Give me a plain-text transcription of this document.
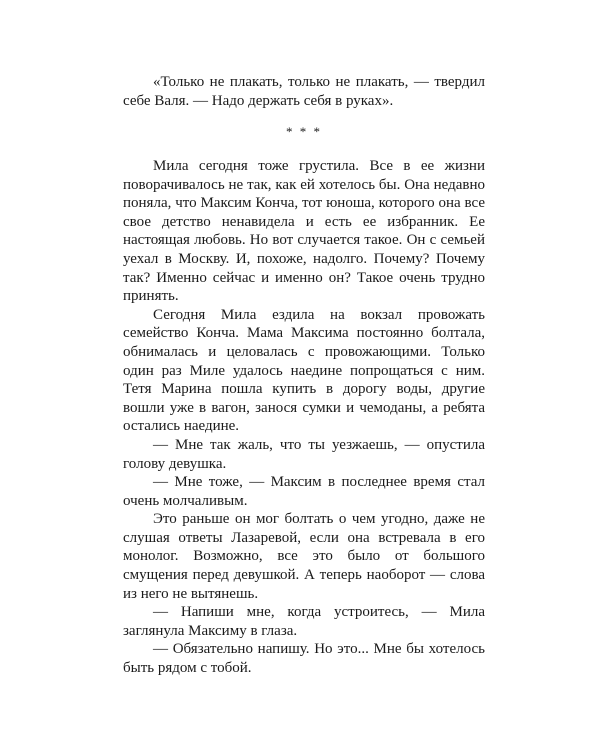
«Только не плакать, только не плакать, — твердил себе Валя. — Надо держать себя в руках».

* * *

Мила сегодня тоже грустила. Все в ее жизни поворачивалось не так, как ей хотелось бы. Она недавно поняла, что Максим Конча, тот юноша, которого она все свое детство ненавидела и есть ее избранник. Ее настоящая любовь. Но вот случается такое. Он с семьей уехал в Москву. И, похоже, надолго. Почему? Почему так? Именно сейчас и именно он? Такое очень трудно принять.

Сегодня Мила ездила на вокзал провожать семейство Конча. Мама Максима постоянно болтала, обнималась и целовалась с провожающими. Только один раз Миле удалось наедине попрощаться с ним. Тетя Марина пошла купить в дорогу воды, другие вошли уже в вагон, занося сумки и чемоданы, а ребята остались наедине.

— Мне так жаль, что ты уезжаешь, — опустила голову девушка.

— Мне тоже, — Максим в последнее время стал очень молчаливым.

Это раньше он мог болтать о чем угодно, даже не слушая ответы Лазаревой, если она встревала в его монолог. Возможно, все это было от большого смущения перед девушкой. А теперь наоборот — слова из него не вытянешь.

— Напиши мне, когда устроитесь, — Мила заглянула Максиму в глаза.

— Обязательно напишу. Но это... Мне бы хотелось быть рядом с тобой.
